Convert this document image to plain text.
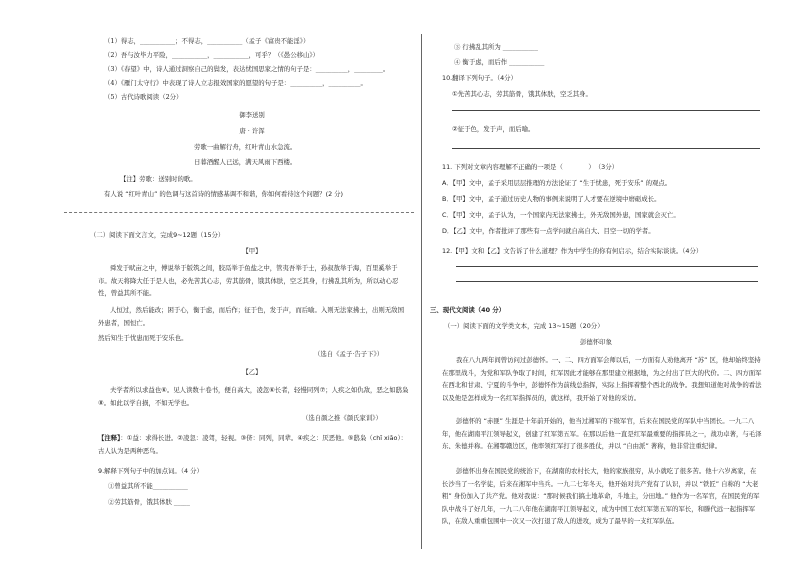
（1）得志，___________；不得志，___________（孟子《富贵不能淫》）
（2）吾与汝毕力平险，___________，___________，可乎？（《愚公移山》）
（3）《春望》中，诗人通过洞察自己的鬓发，表达忧国思家之情的句子是：__________，_________。
（4）《雁门太守行》中表现了诗人立志报效国家的愿望的句子是：__________，__________。
（5）古代诗歌阅读（2分）
御李送别
唐 · 许浑
劳歌一曲解行舟，红叶青山水急流。
日暮酒醒人已远，满天风雨下西楼。
【注】劳歌：送别时的歌。
有人说 “红叶青山” 的色调与这首诗的情感基调不和谐，你如何看待这个问题？(2 分)
（二）阅读下面文言文，完成9~12题（15分）
【甲】
舜发于畎亩之中，傅说举于版筑之间，胶鬲举于鱼盐之中，管夷吾举于士，孙叔敖举于海，百里奚举于市。故天将降大任于是人也，必先苦其心志，劳其筋骨，饿其体肤，空乏其身，行拂乱其所为，所以动心忍性，曾益其所不能。
人恒过，然后能改；困于心，衡于虑，而后作；征于色，发于声，而后喻。入则无法家拂士，出则无敌国外患者，国恒亡。
然后知生于忧患而死于安乐也。
（选自《孟子·告子下》）
【乙】
夫学者所以求益也⑥。见人读数十卷书，便自高大，凌忽⑥长者，轻慢同列⑦；人疾之如仇敌，恶之如鸱枭⑧。如此以学自损，不如无学也。
（选自颜之推《颜氏家训》）
【注释】：①益：求得长进。②凌忽：凌驾，轻视。③侪：同列，同辈。④疾之：厌恶他。⑤鸱枭（chī xiāo）：古人认为是两种恶鸟。
9.解释下列句子中的加点词。（4 分）
①曾益其所不能___________
②劳其筋骨，饿其体肤 _____
③ 行拂乱其所为 ___________
④ 衡于虑，而后作 ___________
10.翻译下列句子。（4分）
①先苦其心志，劳其筋骨，饿其体肤，空乏其身。
②征于色，发于声，而后喻。
11. 下列对文章内容理解不正确的一项是（　　　　）　（3分）
A．【甲】文中，孟子采用层层推理的方法论证了 “生于忧患，死于安乐” 的观点。
B．【甲】文中，孟子通过历史人物的事例来说明了人才要在逆境中磨砺成长。
C．【甲】文中，孟子认为，一个国家内无法家拂士，外无敌国外患，国家就会灭亡。
D．【乙】文中，作者批评了那些有一点学问就自高自大、目空一切的学者。
12.【甲】文和【乙】文告诉了什么道理？作为中学生的你有何启示，结合实际谈谈。（4分）
三、现代文阅读（40 分）
（一）阅读下面的文学类文本，完成 13~15题（20分）
彭德怀印象
我在八九两年间曾访问过彭德怀。一、二、四方面军会师以后，一方面有人劝他离开 “苏” 区，他却始终坚持在那里战斗，为党和军队争取了时间，红军因此才能够在那里建立根据地，为之付出了巨大的代价。二、四方面军在西北和甘肃、宁夏的斗争中，彭德怀作为前线总指挥，实际上指挥着整个西北的战争。我想知道他对战争的看法以及他是怎样成为一名红军指挥员的，就这样，我开始了对他的采访。
彭德怀的 “赤匪” 生涯是十年前开始的，他当过湘军的下级军官，后来在国民党的军队中当团长。一九二八年，他在湖南平江领导起义，创建了红军第五军。在那以后他一直是红军最重要的指挥员之一，战功卓著，与毛泽东、朱德并称。在湘鄂赣边区，他率领红军打了很多胜仗，并以 “自由派” 著称，他非常注重纪律。
彭德怀出身在国民党的统治下，在湖南的农村长大，他的家族很穷，从小就吃了很多苦。他十六岁离家，在长沙当了一名学徒，后来在湘军中当兵。一九二七年冬天，他开始对共产党有了认识，并以 “铁匠” 自称的 “大老粗” 身份加入了共产党。他对我说：“那时候我们搞土地革命，斗地主，分田地。” 他作为一名军官，在国民党的军队中战斗了好几年，一九二八年他在湖南平江领导起义，成为中国工农红军第五军的军长，和滕代远一起指挥军队，在敌人重重包围中一次又一次打退了敌人的进攻，成为了最早的一支红军队伍。
